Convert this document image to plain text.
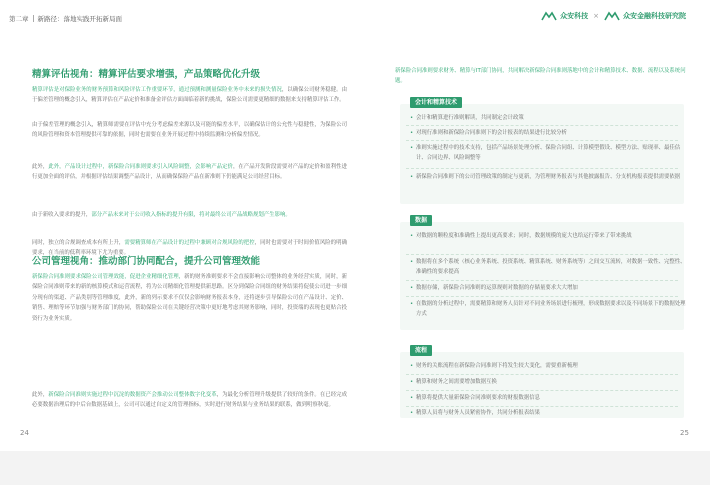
第二章 新路径：落地实践开拓新局面	众安科技 ×	众安金融科技研究院
精算评估视角：精算评估要求增强，产品策略优化升级
精算评估是对保险业务的财务预算和风险评估工作重要环节，通过预测和测量保险业务中未来的损失情况，以确保公司财务稳健。由于偏差管理的概念引入，精算评估在产品定价和准备金评估方面面临着新的挑战，保险公司需要更精细的数据来支持精算评估工作。
由于偏差管理的概念引入，精算师需要在评估中充分考虑偏差来源以及可能的偏差水平，以确保估计的公允性与稳健性，为保险公司的风险管理和资本管理提供可靠的依据，同时也需要在业务开展过程中持续监测和分析偏差情况。
此外，此外，产品设计过程中，新保险合同准则要求引入风险调整，会影响产品定价，在产品开发阶段需要对产品的定价和盈利性进行更加全面的评估，并根据评估结果调整产品设计，从而确保保险产品在新准则下仍能满足公司经营目标。
由于新收入要求的提升，部分产品未来对于公司收入指标的提升有限，将对最终公司产品战略规划产生影响。
同时，独立的合规调查成本有所上升，需要精算师在产品设计的过程中兼顾对合规风险的把控，同时也需要对于时间价值风险的明确要求，在当前的低利率环境下尤为重要。
公司管理视角：推动部门协同配合，提升公司管理效能
新保险合同准则要求保险公司管理效能，促进企业精细化管理，新的财务准则要求不会直接影响公司整体的业务经营实质，同时，新保险合同准则带来的新的核算模式和运营流程，将为公司精细化管理提供新思路。区分到保险合同组的财务结果将促使公司进一步细分现有的渠道、产品类别等管理维度，此外，新的列示要求不仅仅会影响财务报表本身，还将逐步引导保险公司在产品设计、定价、销售、理赔等环节加强与财务部门的协同，帮助保险公司在关键经营决策中更好地考虑其财务影响，同时，投资端的表现也更贴合投资行为业务实质。
此外，新保险合同准则实施过程中沉淀的数据资产会推动公司整体数字化变革，为最化分析管理升级提供了较好的条件。在已经完成必要数据治理后的中后台数据基础上，公司可以通过自定义的管理指标，实时进行财务结果与业务结果的联系，做到明察秋毫。
新保险合同准则要求财务、精算与IT部门协同，共同解决新保险合同准则落地中的会计和精算技术、数据、流程以及系统问题。
会计和精算技术
• 会计和精算进行准则解读，共同制定会计政策
• 对现行准则和新保险合同准则下的会计报表的结果进行比较分析
• 准则实施过程中的技术支持，包括产品场景处理分析、保险合同组、计算模型假设、模型方法、贴现率、最佳估计、合同边界、风险调整等
• 新保险合同准则下的公司管理政策的制定与更新，为管理财务报表与其他披露报告、分支机构报表提供需要依据
数据
• 对数据的颗粒度和准确性上提出更高要求；同时，数据规模的庞大也给运行带来了带来挑战
• 数据将在多个系统（核心业务系统、投资系统、精算系统、财务系统等）之间交互流转，对数据一致性、完整性、准确性的要求提高
• 数据存储，新保险合同准则的运算规则对数据的存储量要求大大增加
• 在数据的分析过程中，需要精算和财务人员针对不同业务场景进行梳理，形成数据要求以及不同场景下的数据处理方式
流程
• 财务的关账流程在新保险合同准则下将发生较大变化，需要重新梳理
• 精算和财务之间需要增加数据互换
• 精算将提供大量新保险合同准则要求的财报数据信息
• 精算人员将与财务人员紧密协作，共同分析报表结果
24	25
